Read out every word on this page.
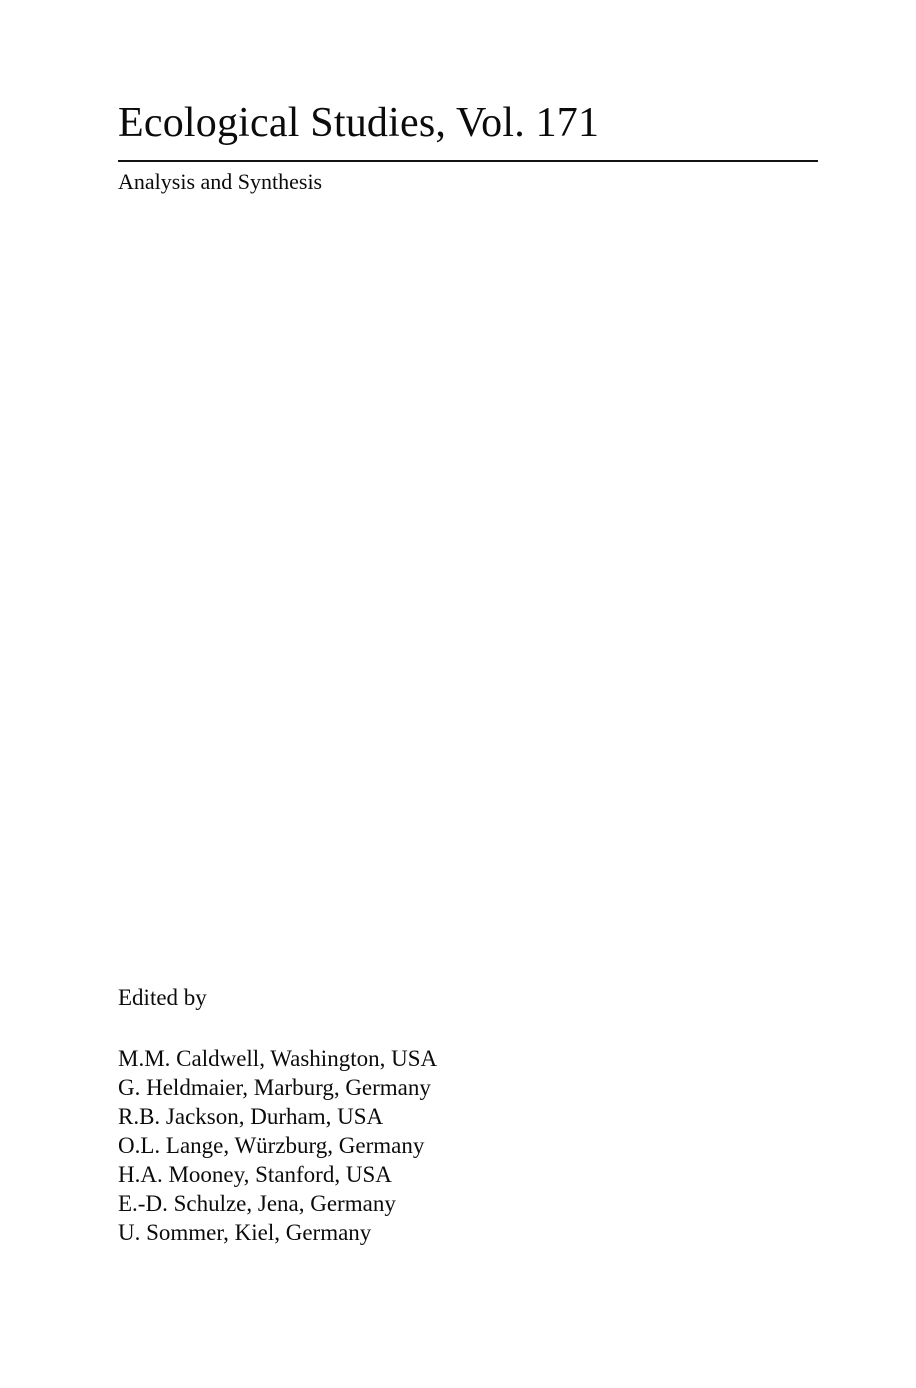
Ecological Studies, Vol. 171

Analysis and Synthesis

Edited by

M.M. Caldwell, Washington, USA
G. Heldmaier, Marburg, Germany
R.B. Jackson, Durham, USA
O.L. Lange, Würzburg, Germany
H.A. Mooney, Stanford, USA
E.-D. Schulze, Jena, Germany
U. Sommer, Kiel, Germany
